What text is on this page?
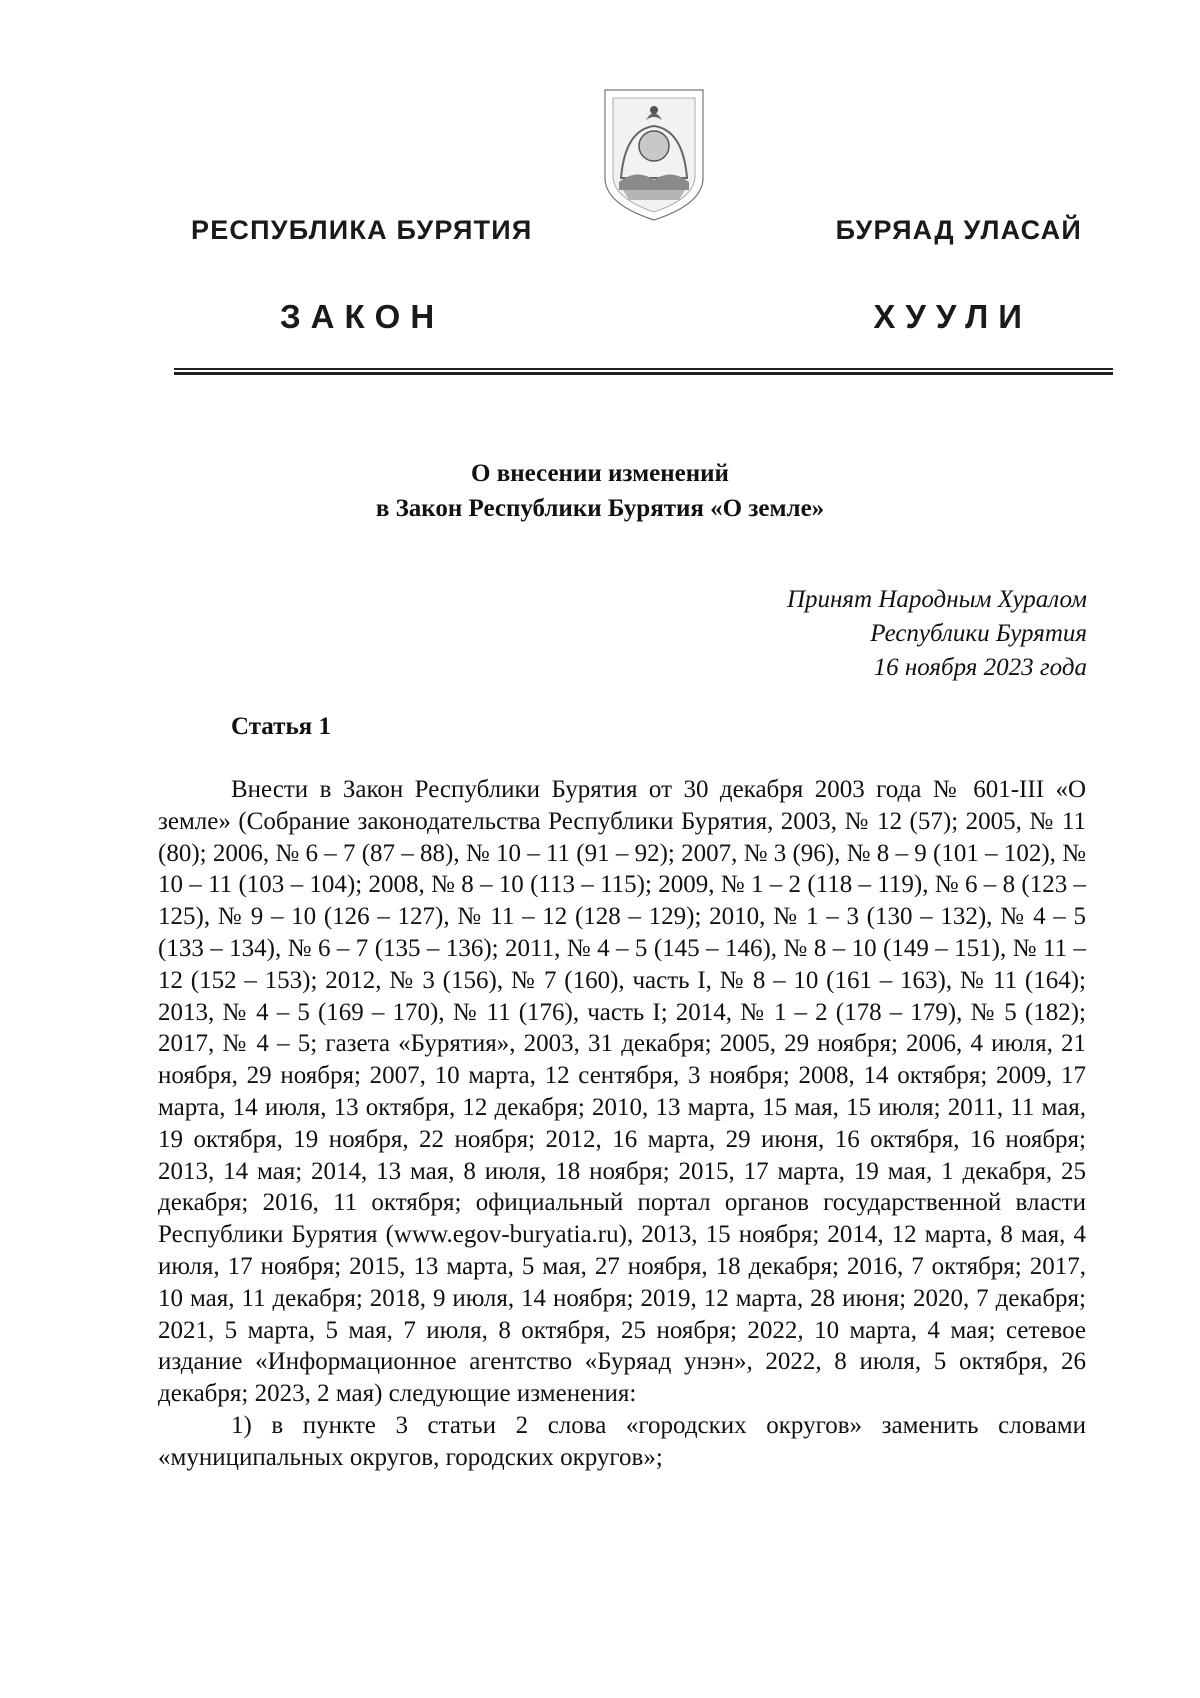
РЕСПУБЛИКА БУРЯТИЯ	БУРЯАД УЛАСАЙ
ЗАКОН	ХУУЛИ
О внесении изменений
в Закон Республики Бурятия «О земле»
Принят Народным Хуралом
Республики Бурятия
16 ноября 2023 года
Статья 1

Внести в Закон Республики Бурятия от 30 декабря 2003 года № 601-III «О земле» (Собрание законодательства Республики Бурятия, 2003, № 12 (57); 2005, № 11 (80); 2006, № 6 – 7 (87 – 88), № 10 – 11 (91 – 92); 2007, № 3 (96), № 8 – 9 (101 – 102), № 10 – 11 (103 – 104); 2008, № 8 – 10 (113 – 115); 2009, № 1 – 2 (118 – 119), № 6 – 8 (123 – 125), № 9 – 10 (126 – 127), № 11 – 12 (128 – 129); 2010, № 1 – 3 (130 – 132), № 4 – 5 (133 – 134), № 6 – 7 (135 – 136); 2011, № 4 – 5 (145 – 146), № 8 – 10 (149 – 151), № 11 – 12 (152 – 153); 2012, № 3 (156), № 7 (160), часть I, № 8 – 10 (161 – 163), № 11 (164); 2013, № 4 – 5 (169 – 170), № 11 (176), часть I; 2014, № 1 – 2 (178 – 179), № 5 (182); 2017, № 4 – 5; газета «Бурятия», 2003, 31 декабря; 2005, 29 ноября; 2006, 4 июля, 21 ноября, 29 ноября; 2007, 10 марта, 12 сентября, 3 ноября; 2008, 14 октября; 2009, 17 марта, 14 июля, 13 октября, 12 декабря; 2010, 13 марта, 15 мая, 15 июля; 2011, 11 мая, 19 октября, 19 ноября, 22 ноября; 2012, 16 марта, 29 июня, 16 октября, 16 ноября; 2013, 14 мая; 2014, 13 мая, 8 июля, 18 ноября; 2015, 17 марта, 19 мая, 1 декабря, 25 декабря; 2016, 11 октября; официальный портал органов государственной власти Республики Бурятия (www.egov-buryatia.ru), 2013, 15 ноября; 2014, 12 марта, 8 мая, 4 июля, 17 ноября; 2015, 13 марта, 5 мая, 27 ноября, 18 декабря; 2016, 7 октября; 2017, 10 мая, 11 декабря; 2018, 9 июля, 14 ноября; 2019, 12 марта, 28 июня; 2020, 7 декабря; 2021, 5 марта, 5 мая, 7 июля, 8 октября, 25 ноября; 2022, 10 марта, 4 мая; сетевое издание «Информационное агентство «Буряад унэн», 2022, 8 июля, 5 октября, 26 декабря; 2023, 2 мая) следующие изменения:

1) в пункте 3 статьи 2 слова «городских округов» заменить словами «муниципальных округов, городских округов»;
